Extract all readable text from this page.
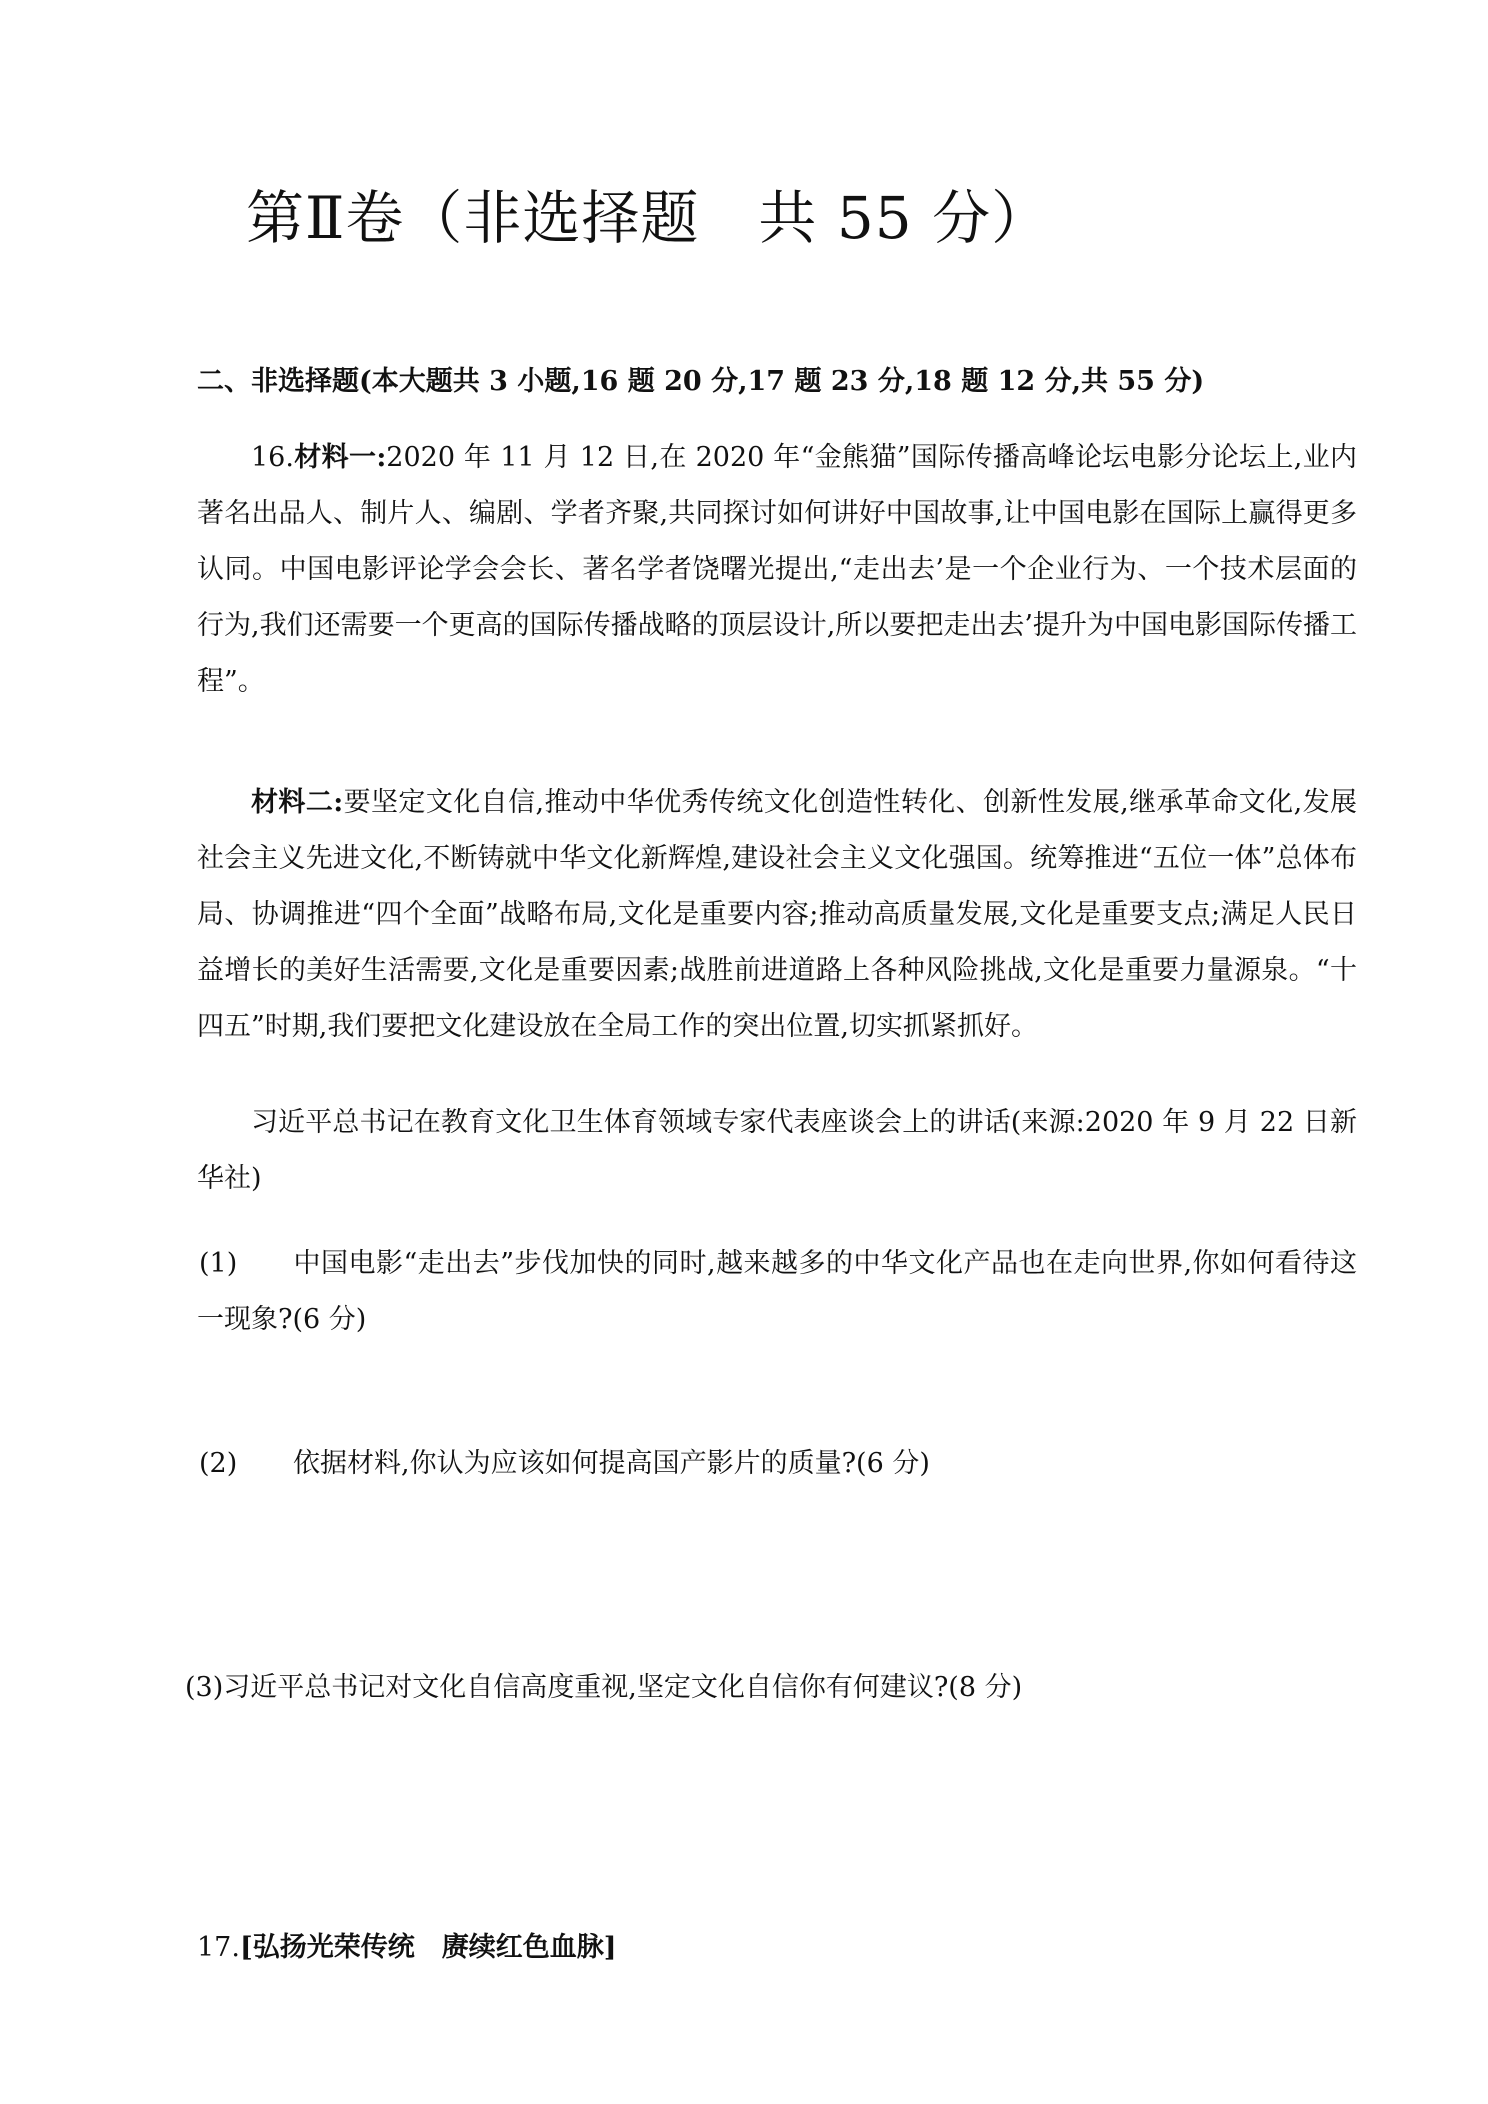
第Ⅱ卷（非选择题　共 55 分）

二、非选择题(本大题共 3 小题,16 题 20 分,17 题 23 分,18 题 12 分,共 55 分)

16.材料一:2020 年 11 月 12 日,在 2020 年“金熊猫”国际传播高峰论坛电影分论坛上,业内著名出品人、制片人、编剧、学者齐聚,共同探讨如何讲好中国故事,让中国电影在国际上赢得更多认同。中国电影评论学会会长、著名学者饶曙光提出,“走出去’是一个企业行为、一个技术层面的行为,我们还需要一个更高的国际传播战略的顶层设计,所以要把走出去’提升为中国电影国际传播工程”。

材料二:要坚定文化自信,推动中华优秀传统文化创造性转化、创新性发展,继承革命文化,发展社会主义先进文化,不断铸就中华文化新辉煌,建设社会主义文化强国。统筹推进“五位一体”总体布局、协调推进“四个全面”战略布局,文化是重要内容;推动高质量发展,文化是重要支点;满足人民日益增长的美好生活需要,文化是重要因素;战胜前进道路上各种风险挑战,文化是重要力量源泉。“十四五”时期,我们要把文化建设放在全局工作的突出位置,切实抓紧抓好。

习近平总书记在教育文化卫生体育领域专家代表座谈会上的讲话(来源:2020 年 9 月 22 日新华社)

(1) 中国电影“走出去”步伐加快的同时,越来越多的中华文化产品也在走向世界,你如何看待这一现象?(6 分)

(2) 依据材料,你认为应该如何提高国产影片的质量?(6 分)

(3)习近平总书记对文化自信高度重视,坚定文化自信你有何建议?(8 分)

17.[弘扬光荣传统　赓续红色血脉]
